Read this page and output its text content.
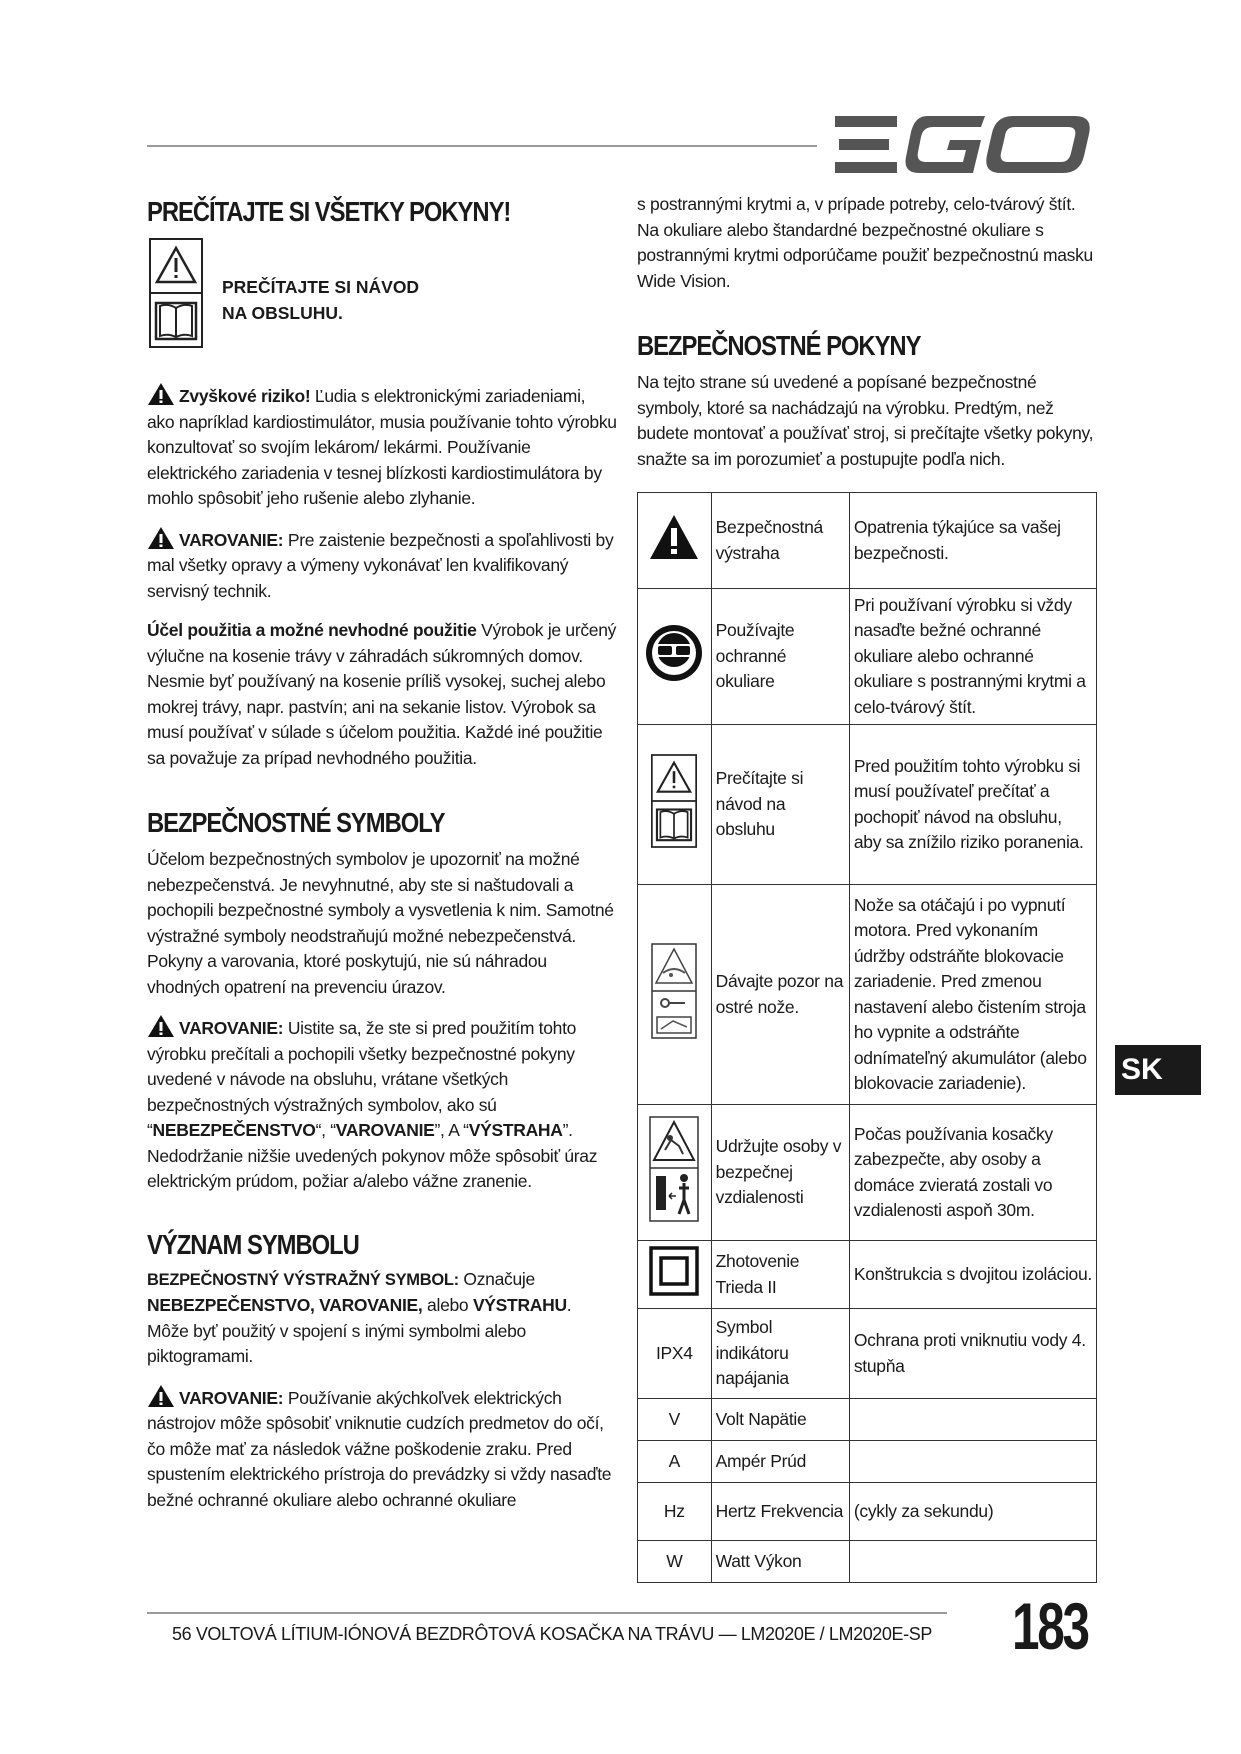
PREČÍTAJTE SI VŠETKY POKYNY!
PREČÍTAJTE SI NÁVOD
NA OBSLUHU.

Zvyškové riziko! Ľudia s elektronickými zariadeniami, ako napríklad kardiostimulátor, musia používanie tohto výrobku konzultovať so svojím lekárom/ lekármi. Používanie elektrického zariadenia v tesnej blízkosti kardiostimulátora by mohlo spôsobiť jeho rušenie alebo zlyhanie.

VAROVANIE: Pre zaistenie bezpečnosti a spoľahlivosti by mal všetky opravy a výmeny vykonávať len kvalifikovaný servisný technik.

Účel použitia a možné nevhodné použitie Výrobok je určený výlučne na kosenie trávy v záhradách súkromných domov. Nesmie byť používaný na kosenie príliš vysokej, suchej alebo mokrej trávy, napr. pastvín; ani na sekanie listov. Výrobok sa musí používať v súlade s účelom použitia. Každé iné použitie sa považuje za prípad nevhodného použitia.

BEZPEČNOSTNÉ SYMBOLY

Účelom bezpečnostných symbolov je upozorniť na možné nebezpečenstvá. Je nevyhnutné, aby ste si naštudovali a pochopili bezpečnostné symboly a vysvetlenia k nim. Samotné výstražné symboly neodstraňujú možné nebezpečenstvá. Pokyny a varovania, ktoré poskytujú, nie sú náhradou vhodných opatrení na prevenciu úrazov.

VAROVANIE: Uistite sa, že ste si pred použitím tohto výrobku prečítali a pochopili všetky bezpečnostné pokyny uvedené v návode na obsluhu, vrátane všetkých bezpečnostných výstražných symbolov, ako sú “NEBEZPEČENSTVO“, “VAROVANIE”, A “VÝSTRAHA”. Nedodržanie nižšie uvedených pokynov môže spôsobiť úraz elektrickým prúdom, požiar a/alebo vážne zranenie.

VÝZNAM SYMBOLU

BEZPEČNOSTNÝ VÝSTRAŽNÝ SYMBOL: Označuje
NEBEZPEČENSTVO, VAROVANIE, alebo VÝSTRAHU. Môže byť použitý v spojení s inými symbolmi alebo piktogramami.

VAROVANIE: Používanie akýchkoľvek elektrických nástrojov môže spôsobiť vniknutie cudzích predmetov do očí, čo môže mať za následok vážne poškodenie zraku. Pred spustením elektrického prístroja do prevádzky si vždy nasaďte bežné ochranné okuliare alebo ochranné okuliare

s postrannými krytmi a, v prípade potreby, celo-tvárový štít. Na okuliare alebo štandardné bezpečnostné okuliare s postrannými krytmi odporúčame použiť bezpečnostnú masku Wide Vision.

BEZPEČNOSTNÉ POKYNY

Na tejto strane sú uvedené a popísané bezpečnostné symboly, ktoré sa nachádzajú na výrobku. Predtým, než budete montovať a používať stroj, si prečítajte všetky pokyny, snažte sa im porozumieť a postupujte podľa nich.

	Bezpečnostná výstraha	Opatrenia týkajúce sa vašej bezpečnosti.
	Používajte ochranné okuliare	Pri používaní výrobku si vždy nasaďte bežné ochranné okuliare alebo ochranné okuliare s postrannými krytmi a celo-tvárový štít.
	Prečítajte si návod na obsluhu	Pred použitím tohto výrobku si musí používateľ prečítať a pochopiť návod na obsluhu, aby sa znížilo riziko poranenia.
	Dávajte pozor na ostré nože.	Nože sa otáčajú i po vypnutí motora. Pred vykonaním údržby odstráňte blokovacie zariadenie. Pred zmenou nastavení alebo čistením stroja ho vypnite a odstráňte odnímateľný akumulátor (alebo blokovacie zariadenie).
	Udržujte osoby v bezpečnej vzdialenosti	Počas používania kosačky zabezpečte, aby osoby a domáce zvieratá zostali vo vzdialenosti aspoň 30m.
	Zhotovenie Trieda II	Konštrukcia s dvojitou izoláciou.
IPX4	Symbol indikátoru napájania	Ochrana proti vniknutiu vody 4. stupňa
V	Volt Napätie	
A	Ampér Prúd	
Hz	Hertz Frekvencia	(cykly za sekundu)
W	Watt Výkon	
SK
56 VOLTOVÁ LÍTIUM-IÓNOVÁ BEZDRÔTOVÁ KOSAČKA NA TRÁVU — LM2020E / LM2020E-SP 183
